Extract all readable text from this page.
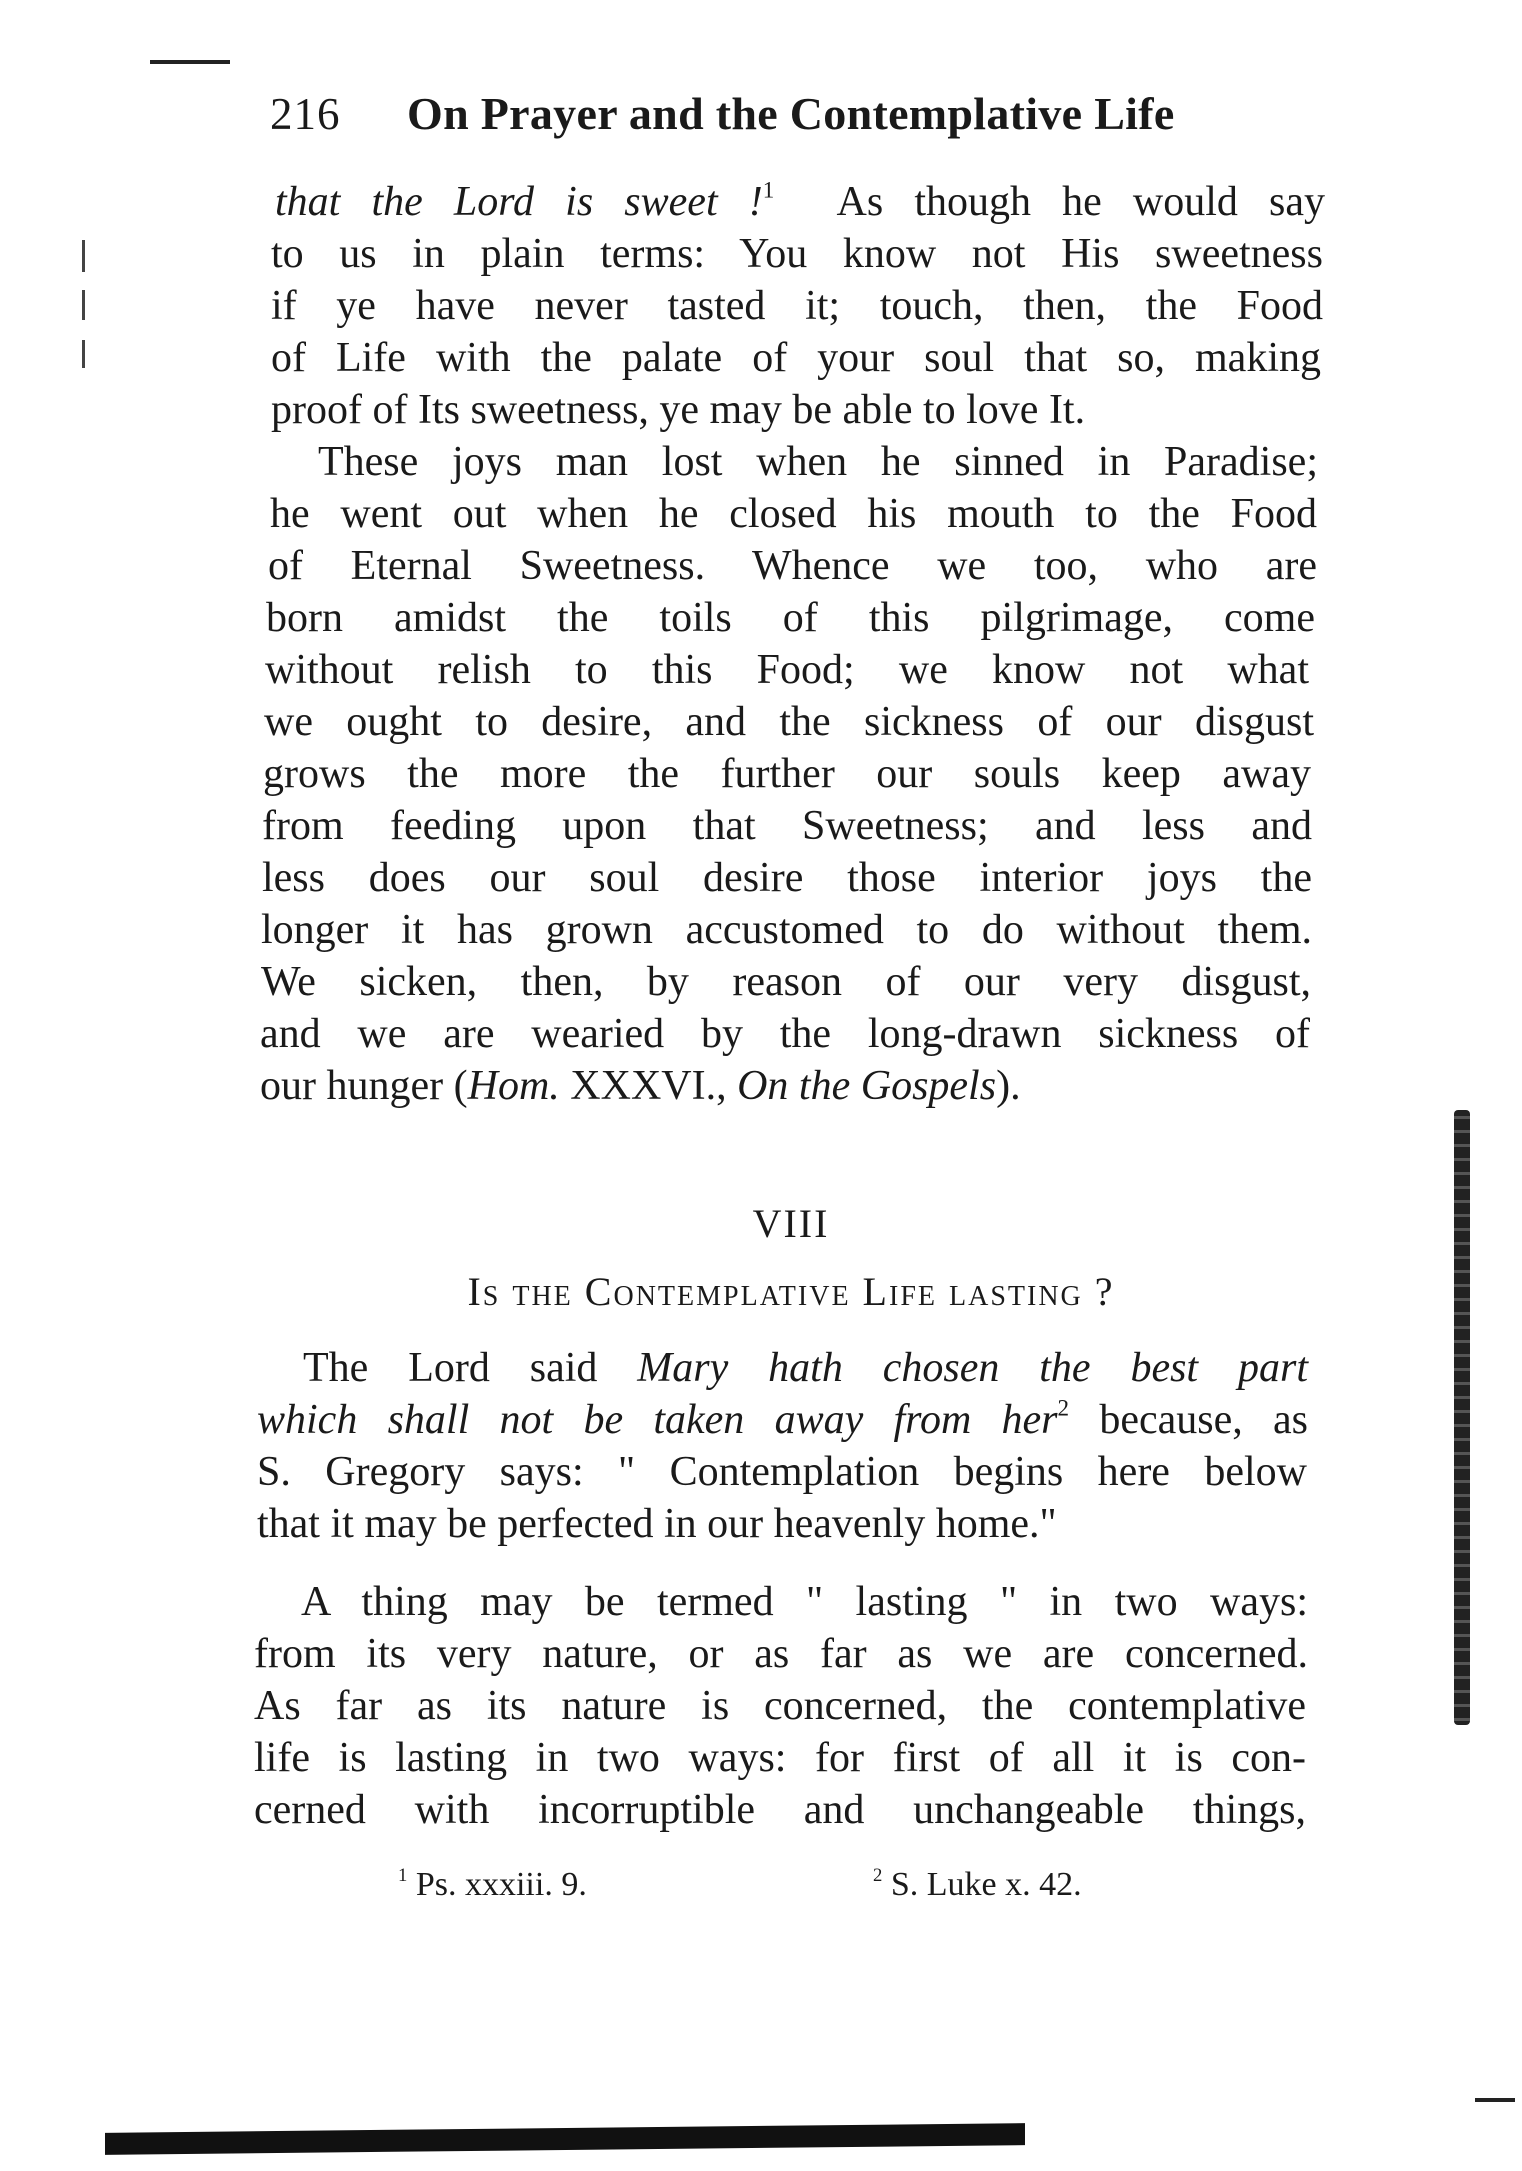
216 On Prayer and the Contemplative Life
that the Lord is sweet !$^1$ As though he would say
to us in plain terms: You know not His sweetness
if ye have never tasted it; touch, then, the Food
of Life with the palate of your soul that so, making
proof of Its sweetness, ye may be able to love It.
These joys man lost when he sinned in Paradise;
he went out when he closed his mouth to the Food
of Eternal Sweetness. Whence we too, who are
born amidst the toils of this pilgrimage, come
without relish to this Food; we know not what
we ought to desire, and the sickness of our disgust
grows the more the further our souls keep away
from feeding upon that Sweetness; and less and
less does our soul desire those interior joys the
longer it has grown accustomed to do without them.
We sicken, then, by reason of our very disgust,
and we are wearied by the long-drawn sickness of
our hunger (Hom. XXXVI., On the Gospels).
VIII
Is the Contemplative Life lasting ?
The Lord said Mary hath chosen the best part
which shall not be taken away from her$^2$ because, as
S. Gregory says: " Contemplation begins here below
that it may be perfected in our heavenly home."
A thing may be termed " lasting " in two ways:
from its very nature, or as far as we are concerned.
As far as its nature is concerned, the contemplative
life is lasting in two ways: for first of all it is con-
cerned with incorruptible and unchangeable things,
$^1$ Ps. xxxiii. 9.	$^2$ S. Luke x. 42.
